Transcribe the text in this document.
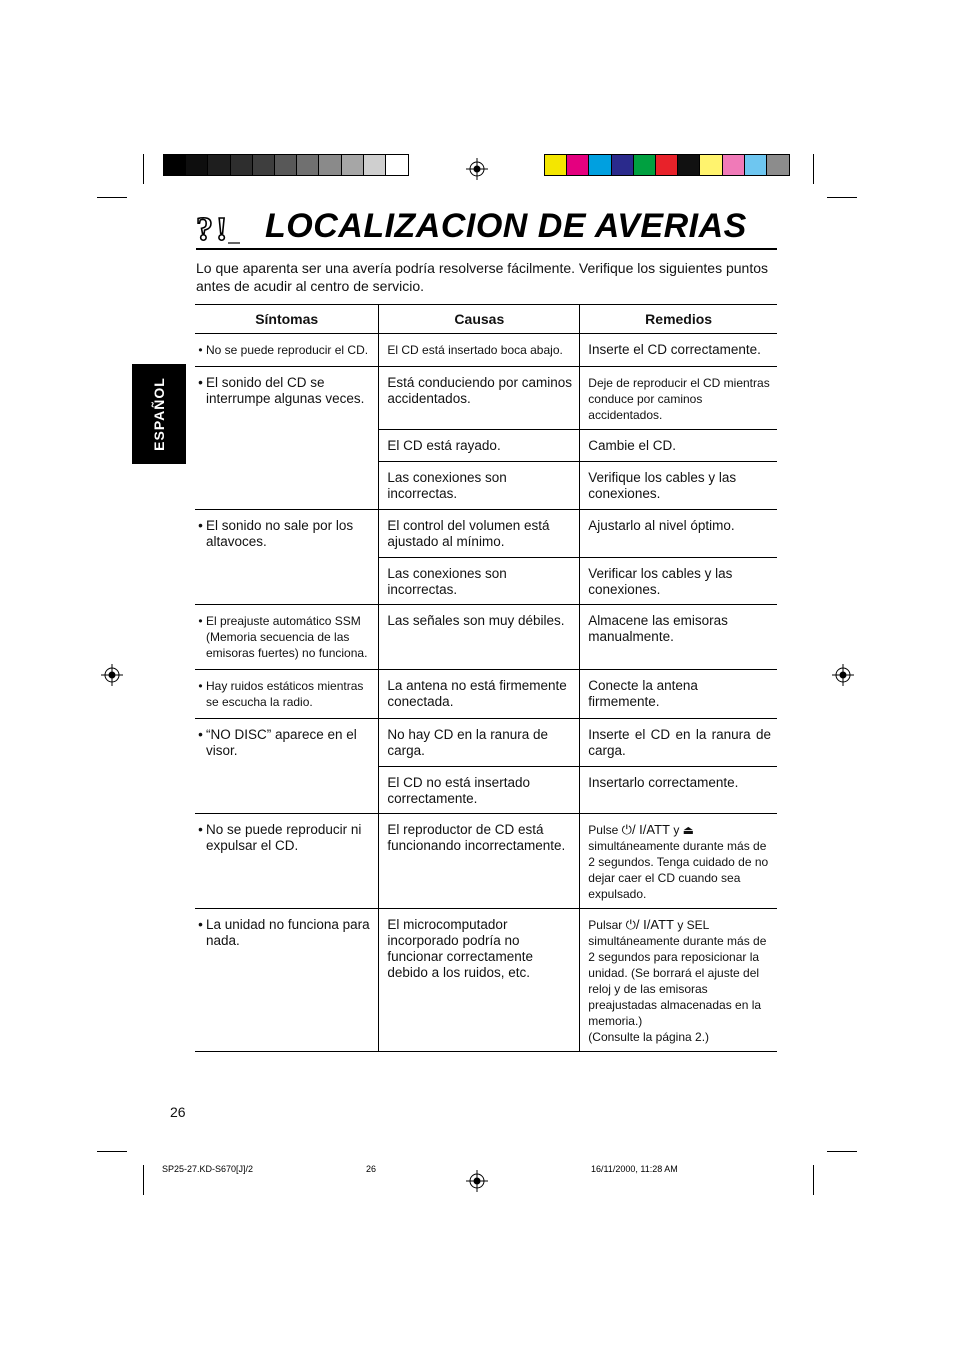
? ! LOCALIZACION DE AVERIAS
Lo que aparenta ser una avería podría resolverse fácilmente. Verifique los siguientes puntos antes de acudir al centro de servicio.
ESPAÑOL
Síntomas	Causas	Remedios

• No se puede reproducir el CD.	El CD está insertado boca abajo.	Inserte el CD correctamente.

• El sonido del CD se interrumpe algunas veces.	Está conduciendo por caminos accidentados.	Deje de reproducir el CD mientras conduce por caminos accidentados.
	El CD está rayado.	Cambie el CD.
	Las conexiones son incorrectas.	Verifique los cables y las conexiones.

• El sonido no sale por los altavoces.	El control del volumen está ajustado al mínimo.	Ajustarlo al nivel óptimo.
	Las conexiones son incorrectas.	Verificar los cables y las conexiones.

• El preajuste automático SSM (Memoria secuencia de las emisoras fuertes) no funciona.	Las señales son muy débiles.	Almacene las emisoras manualmente.

• Hay ruidos estáticos mientras se escucha la radio.	La antena no está firmemente conectada.	Conecte la antena firmemente.

• “NO DISC” aparece en el visor.	No hay CD en la ranura de carga.	Inserte el CD en la ranura de carga.
	El CD no está insertado correctamente.	Insertarlo correctamente.

• No se puede reproducir ni expulsar el CD.	El reproductor de CD está funcionando incorrectamente.	Pulse ⏻/ I/ATT y ⏏ simultáneamente durante más de 2 segundos. Tenga cuidado de no dejar caer el CD cuando sea expulsado.

• La unidad no funciona para nada.	El microcomputador incorporado podría no funcionar correctamente debido a los ruidos, etc.	Pulsar ⏻/ I/ATT y SEL simultáneamente durante más de 2 segundos para reposicionar la unidad. (Se borrará el ajuste del reloj y de las emisoras preajustadas almacenadas en la memoria.)
(Consulte la página 2.)
26
SP25-27.KD-S670[J]/2	26	16/11/2000, 11:28 AM
